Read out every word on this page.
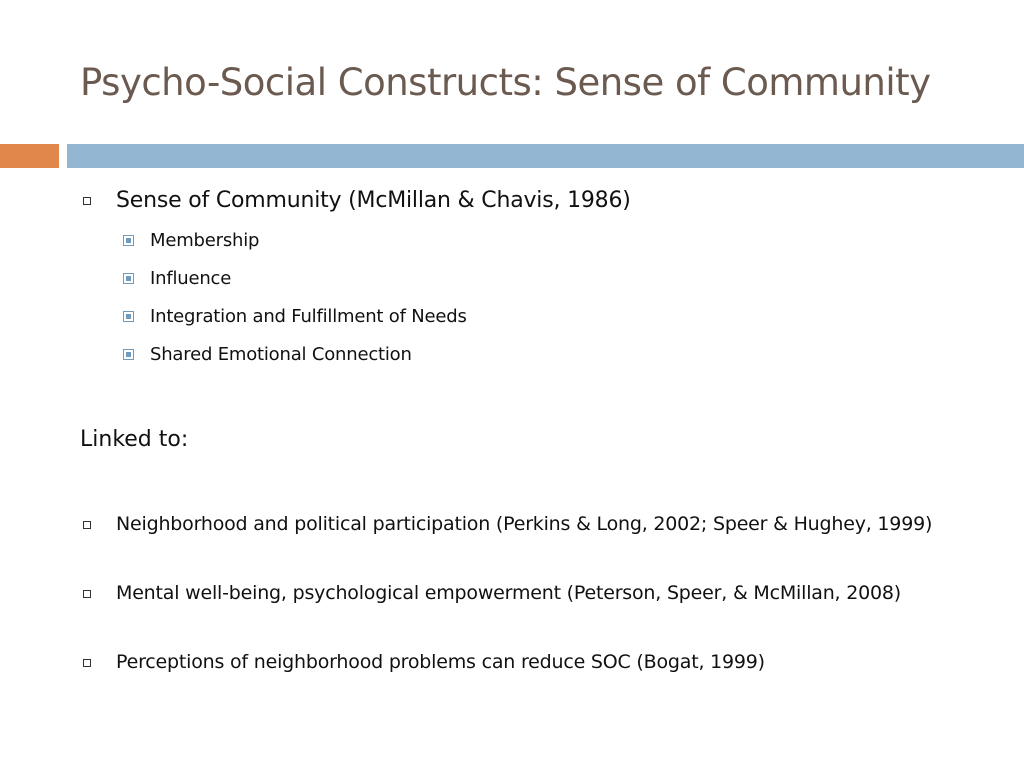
Psycho-Social Constructs: Sense of Community
Sense of Community (McMillan & Chavis, 1986)
Membership
Influence
Integration and Fulfillment of Needs
Shared Emotional Connection
Linked to:
Neighborhood and political participation (Perkins & Long, 2002; Speer & Hughey, 1999)
Mental well-being, psychological empowerment (Peterson, Speer, & McMillan, 2008)
Perceptions of neighborhood problems can reduce SOC (Bogat, 1999)
